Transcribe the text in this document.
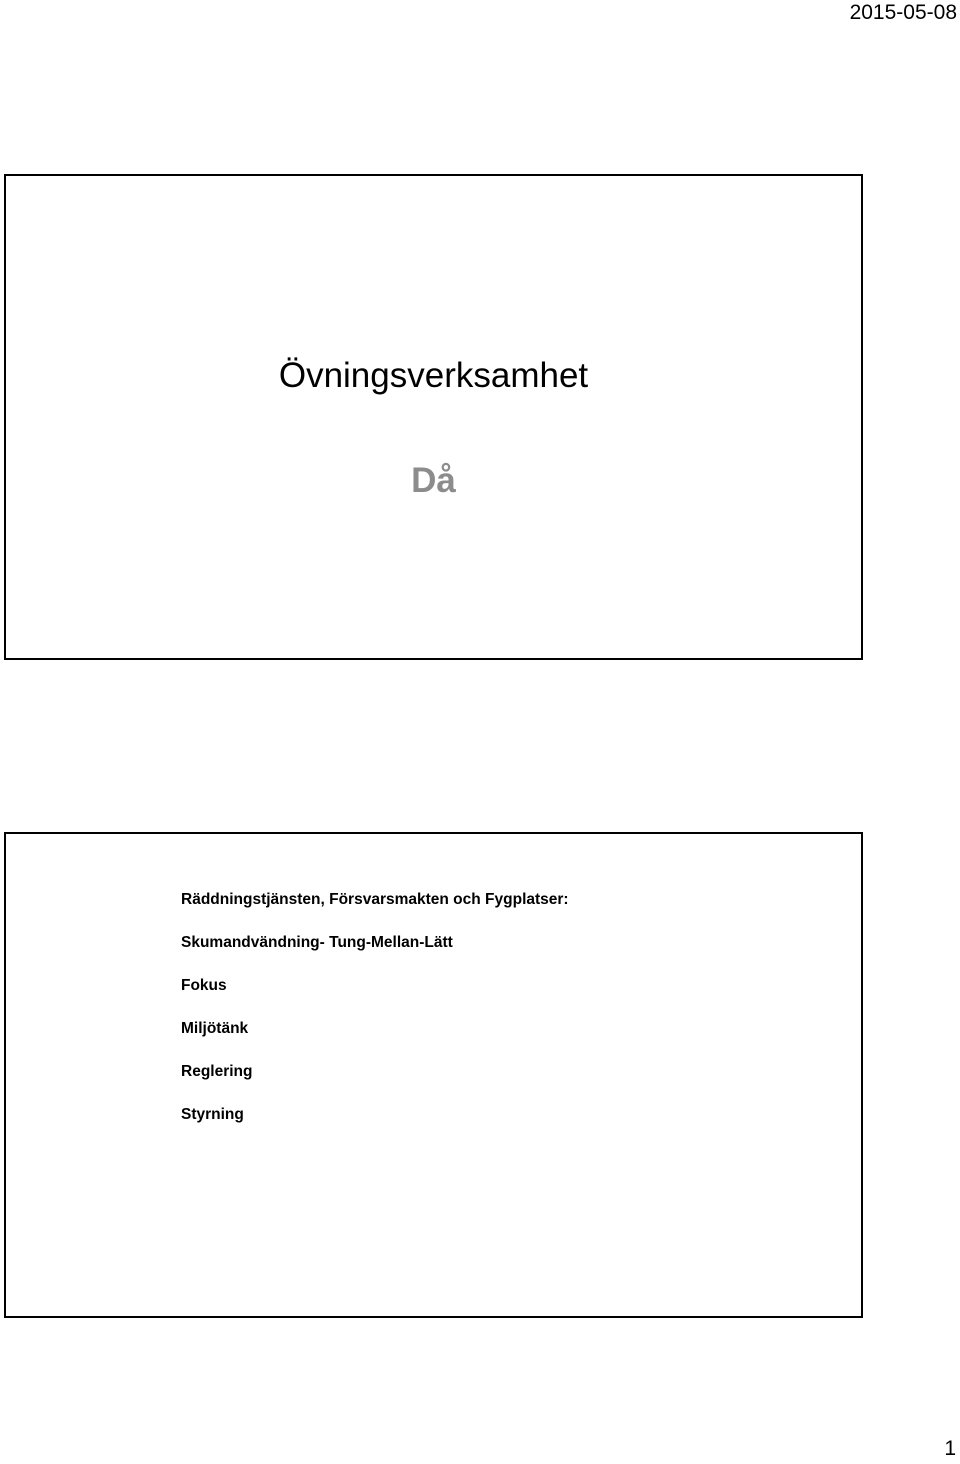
2015-05-08
Övningsverksamhet
Då
Räddningstjänsten, Försvarsmakten och Fygplatser:
Skumandvändning- Tung-Mellan-Lätt
Fokus
Miljötänk
Reglering
Styrning
1
